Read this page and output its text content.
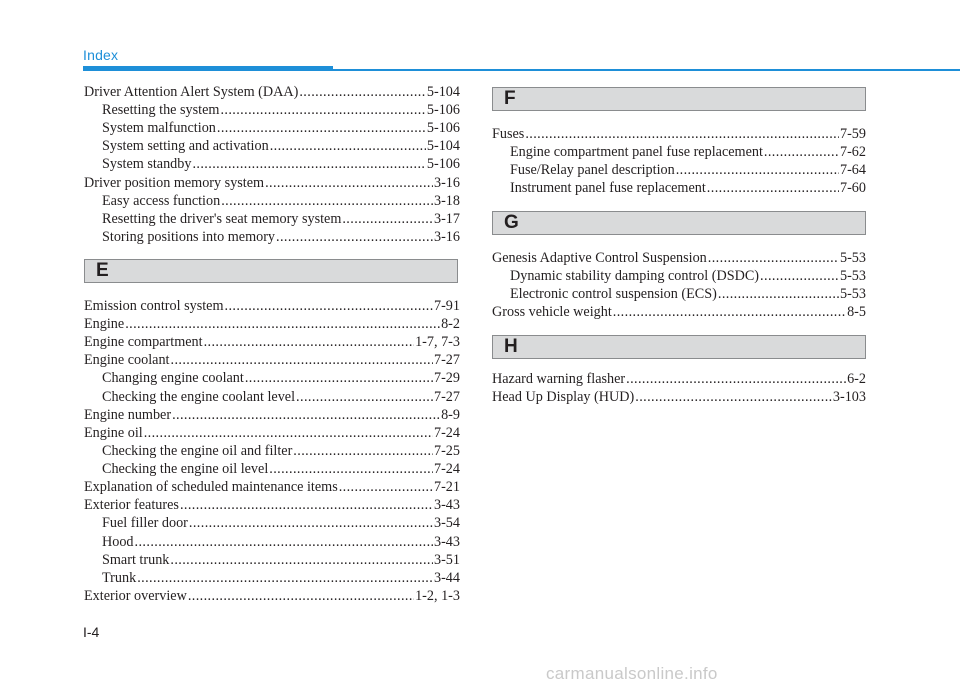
Index
Driver Attention Alert System (DAA) .....	5-104
Resetting the system .....	5-106
System malfunction .....	5-106
System setting and activation .....	5-104
System standby .....	5-106
Driver position memory system .....	3-16
Easy access function .....	3-18
Resetting the driver's seat memory system .....	3-17
Storing positions into memory .....	3-16
E
Emission control system .....	7-91
Engine .....	8-2
Engine compartment .....	1-7, 7-3
Engine coolant .....	7-27
Changing engine coolant .....	7-29
Checking the engine coolant level .....	7-27
Engine number .....	8-9
Engine oil .....	7-24
Checking the engine oil and filter .....	7-25
Checking the engine oil level .....	7-24
Explanation of scheduled maintenance items .....	7-21
Exterior features .....	3-43
Fuel filler door .....	3-54
Hood .....	3-43
Smart trunk .....	3-51
Trunk .....	3-44
Exterior overview .....	1-2, 1-3
F
Fuses .....	7-59
Engine compartment panel fuse replacement .....	7-62
Fuse/Relay panel description .....	7-64
Instrument panel fuse replacement .....	7-60
G
Genesis Adaptive Control Suspension .....	5-53
Dynamic stability damping control (DSDC) .....	5-53
Electronic control suspension (ECS) .....	5-53
Gross vehicle weight .....	8-5
H
Hazard warning flasher .....	6-2
Head Up Display (HUD) .....	3-103
I-4
carmanualsonline.info
